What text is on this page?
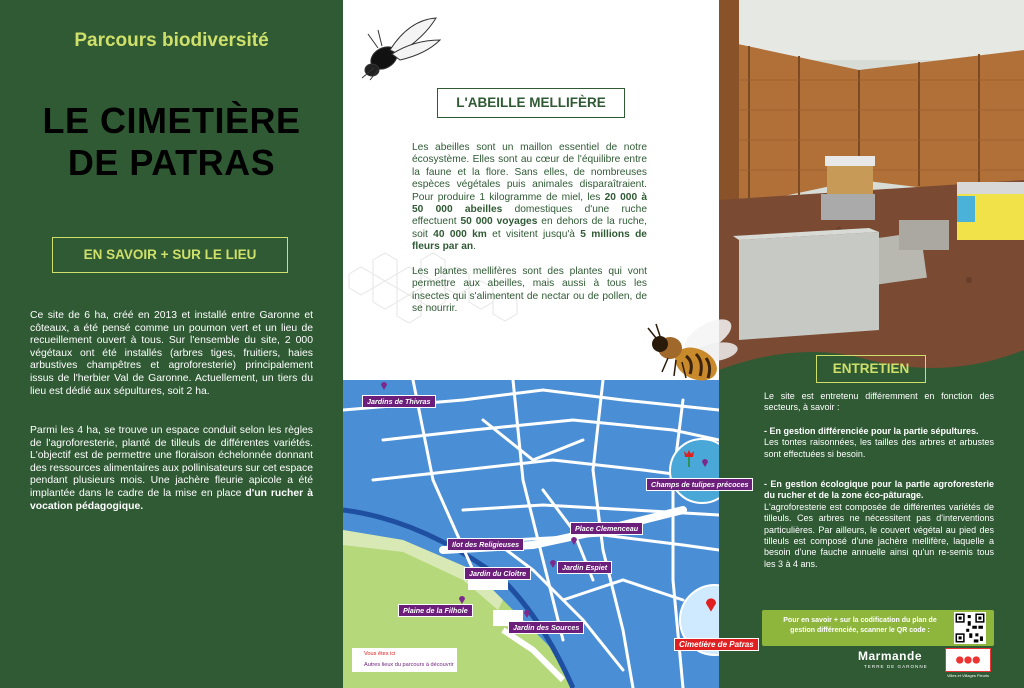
Parcours biodiversité
LE CIMETIÈRE
DE PATRAS
EN SAVOIR + SUR LE LIEU
Ce site de 6 ha, créé en 2013 et installé entre Garonne et côteaux, a été pensé comme un poumon vert et un lieu de recueillement ouvert à tous. Sur l'ensemble du site, 2 000 végétaux ont été installés (arbres tiges, fruitiers, haies arbustives champêtres et agroforesterie) principalement issus de l'herbier Val de Garonne. Actuellement, un tiers du lieu est dédié aux sépultures, soit 2 ha.
Parmi les 4 ha, se trouve un espace conduit selon les règles de l'agroforesterie, planté de tilleuls de différentes variétés. L'objectif est de permettre une floraison échelonnée donnant des ressources alimentaires aux pollinisateurs sur cet espace pendant plusieurs mois. Une jachère fleurie apicole a été implantée dans le cadre de la mise en place d'un rucher à vocation pédagogique.
L'ABEILLE MELLIFÈRE
Les abeilles sont un maillon essentiel de notre écosystème. Elles sont au cœur de l'équilibre entre la faune et la flore. Sans elles, de nombreuses espèces végétales puis animales disparaîtraient. Pour produire 1 kilogramme de miel, les 20 000 à 50 000 abeilles domestiques d'une ruche effectuent 50 000 voyages en dehors de la ruche, soit 40 000 km et visitent jusqu'à 5 millions de fleurs par an.
Les plantes mellifères sont des plantes qui vont permettre aux abeilles, mais aussi à tous les insectes qui s'alimentent de nectar ou de pollen, de se nourrir.
ENTRETIEN
Le site est entretenu différemment en fonction des secteurs, à savoir :
- En gestion différenciée pour la partie sépultures.
Les tontes raisonnées, les tailles des arbres et arbustes sont effectuées si besoin.
- En gestion écologique pour la partie agroforesterie du rucher et de la zone éco-pâturage.
L'agroforesterie est composée de différentes variétés de tilleuls. Ces arbres ne nécessitent pas d'interventions particulières. Par ailleurs, le couvert végétal au pied des tilleuls est composé d'une jachère mellifère, laquelle a besoin d'une fauche annuelle ainsi qu'un re-semis tous les 3 à 4 ans.
Pour en savoir + sur la codification du plan de gestion différenciée, scanner le QR code :
Marmande
TERRE DE GARONNE
Villes et Villages Fleuris
Jardins de Thivras
Champs de tulipes précoces
Place Clemenceau
Ilot des Religieuses
Jardin du Cloître
Jardin Espiet
Plaine de la Filhole
Jardin des Sources
Cimetière de Patras
Vous êtes ici
Autres lieux du parcours à découvrir
